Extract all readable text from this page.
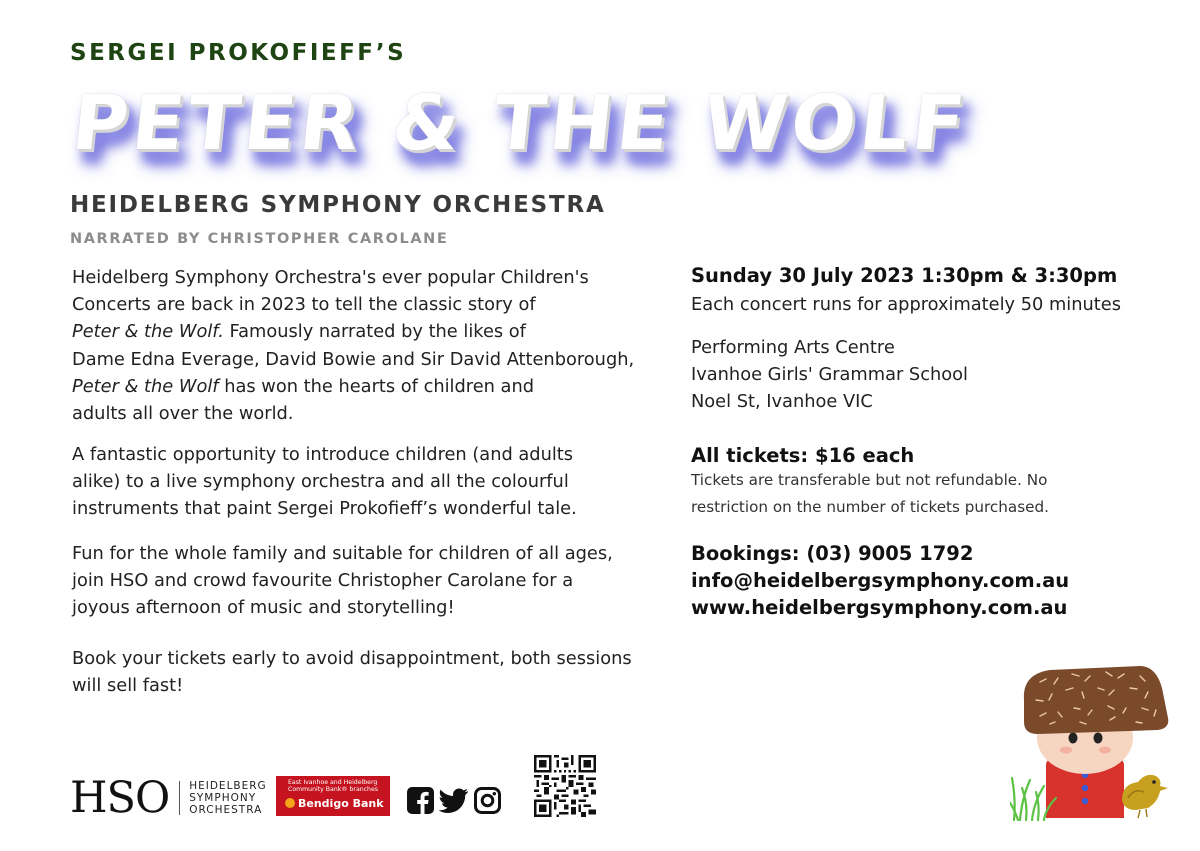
SERGEI PROKOFIEFF’S
PETER & THE WOLF
HEIDELBERG SYMPHONY ORCHESTRA
NARRATED BY CHRISTOPHER CAROLANE
Heidelberg Symphony Orchestra's ever popular Children's
Concerts are back in 2023 to tell the classic story of
Peter & the Wolf. Famously narrated by the likes of
Dame Edna Everage, David Bowie and Sir David Attenborough,
Peter & the Wolf has won the hearts of children and
adults all over the world.
A fantastic opportunity to introduce children (and adults
alike) to a live symphony orchestra and all the colourful
instruments that paint Sergei Prokofieff’s wonderful tale.
Fun for the whole family and suitable for children of all ages,
join HSO and crowd favourite Christopher Carolane for a
joyous afternoon of music and storytelling!
Book your tickets early to avoid disappointment, both sessions
will sell fast!
Sunday 30 July 2023 1:30pm & 3:30pm
Each concert runs for approximately 50 minutes
Performing Arts Centre
Ivanhoe Girls' Grammar School
Noel St, Ivanhoe VIC
All tickets: $16 each
Tickets are transferable but not refundable. No
restriction on the number of tickets purchased.
Bookings: (03) 9005 1792
info@heidelbergsymphony.com.au
www.heidelbergsymphony.com.au
HSO HEIDELBERG
SYMPHONY
ORCHESTRA
East Ivanhoe and Heidelberg
Community Bank® branches
Bendigo Bank
